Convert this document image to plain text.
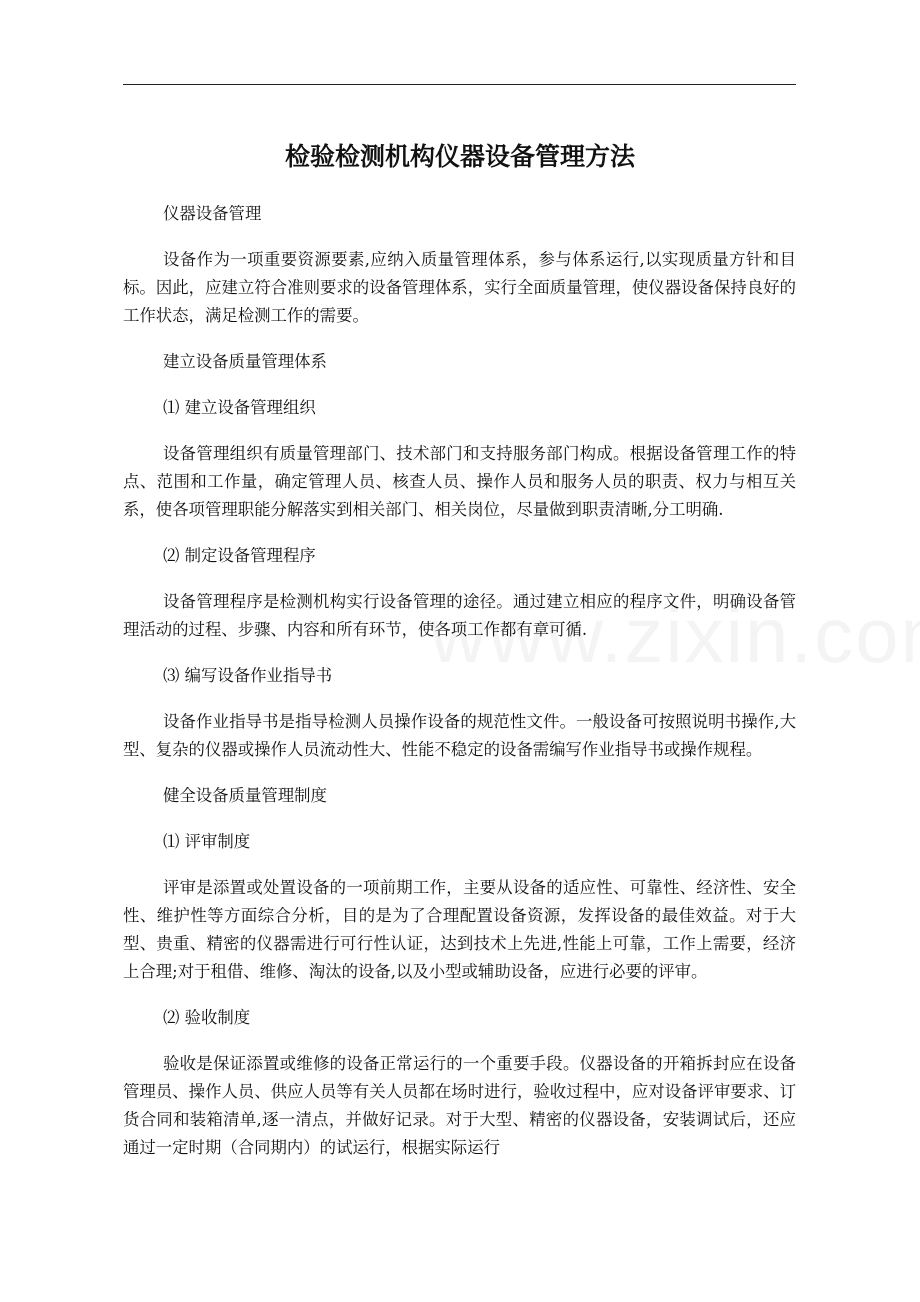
检验检测机构仪器设备管理方法

仪器设备管理

设备作为一项重要资源要素,应纳入质量管理体系，参与体系运行,以实现质量方针和目标。因此，应建立符合准则要求的设备管理体系，实行全面质量管理，使仪器设备保持良好的工作状态，满足检测工作的需要。

建立设备质量管理体系

⑴ 建立设备管理组织

设备管理组织有质量管理部门、技术部门和支持服务部门构成。根据设备管理工作的特点、范围和工作量，确定管理人员、核查人员、操作人员和服务人员的职责、权力与相互关系，使各项管理职能分解落实到相关部门、相关岗位，尽量做到职责清晰,分工明确.

⑵ 制定设备管理程序

设备管理程序是检测机构实行设备管理的途径。通过建立相应的程序文件，明确设备管理活动的过程、步骤、内容和所有环节，使各项工作都有章可循.

⑶ 编写设备作业指导书

设备作业指导书是指导检测人员操作设备的规范性文件。一般设备可按照说明书操作,大型、复杂的仪器或操作人员流动性大、性能不稳定的设备需编写作业指导书或操作规程。

健全设备质量管理制度

⑴ 评审制度

评审是添置或处置设备的一项前期工作，主要从设备的适应性、可靠性、经济性、安全性、维护性等方面综合分析，目的是为了合理配置设备资源，发挥设备的最佳效益。对于大型、贵重、精密的仪器需进行可行性认证，达到技术上先进,性能上可靠，工作上需要，经济上合理;对于租借、维修、淘汰的设备,以及小型或辅助设备，应进行必要的评审。

⑵ 验收制度

验收是保证添置或维修的设备正常运行的一个重要手段。仪器设备的开箱拆封应在设备管理员、操作人员、供应人员等有关人员都在场时进行，验收过程中，应对设备评审要求、订货合同和装箱清单,逐一清点，并做好记录。对于大型、精密的仪器设备，安装调试后，还应通过一定时期（合同期内）的试运行，根据实际运行
